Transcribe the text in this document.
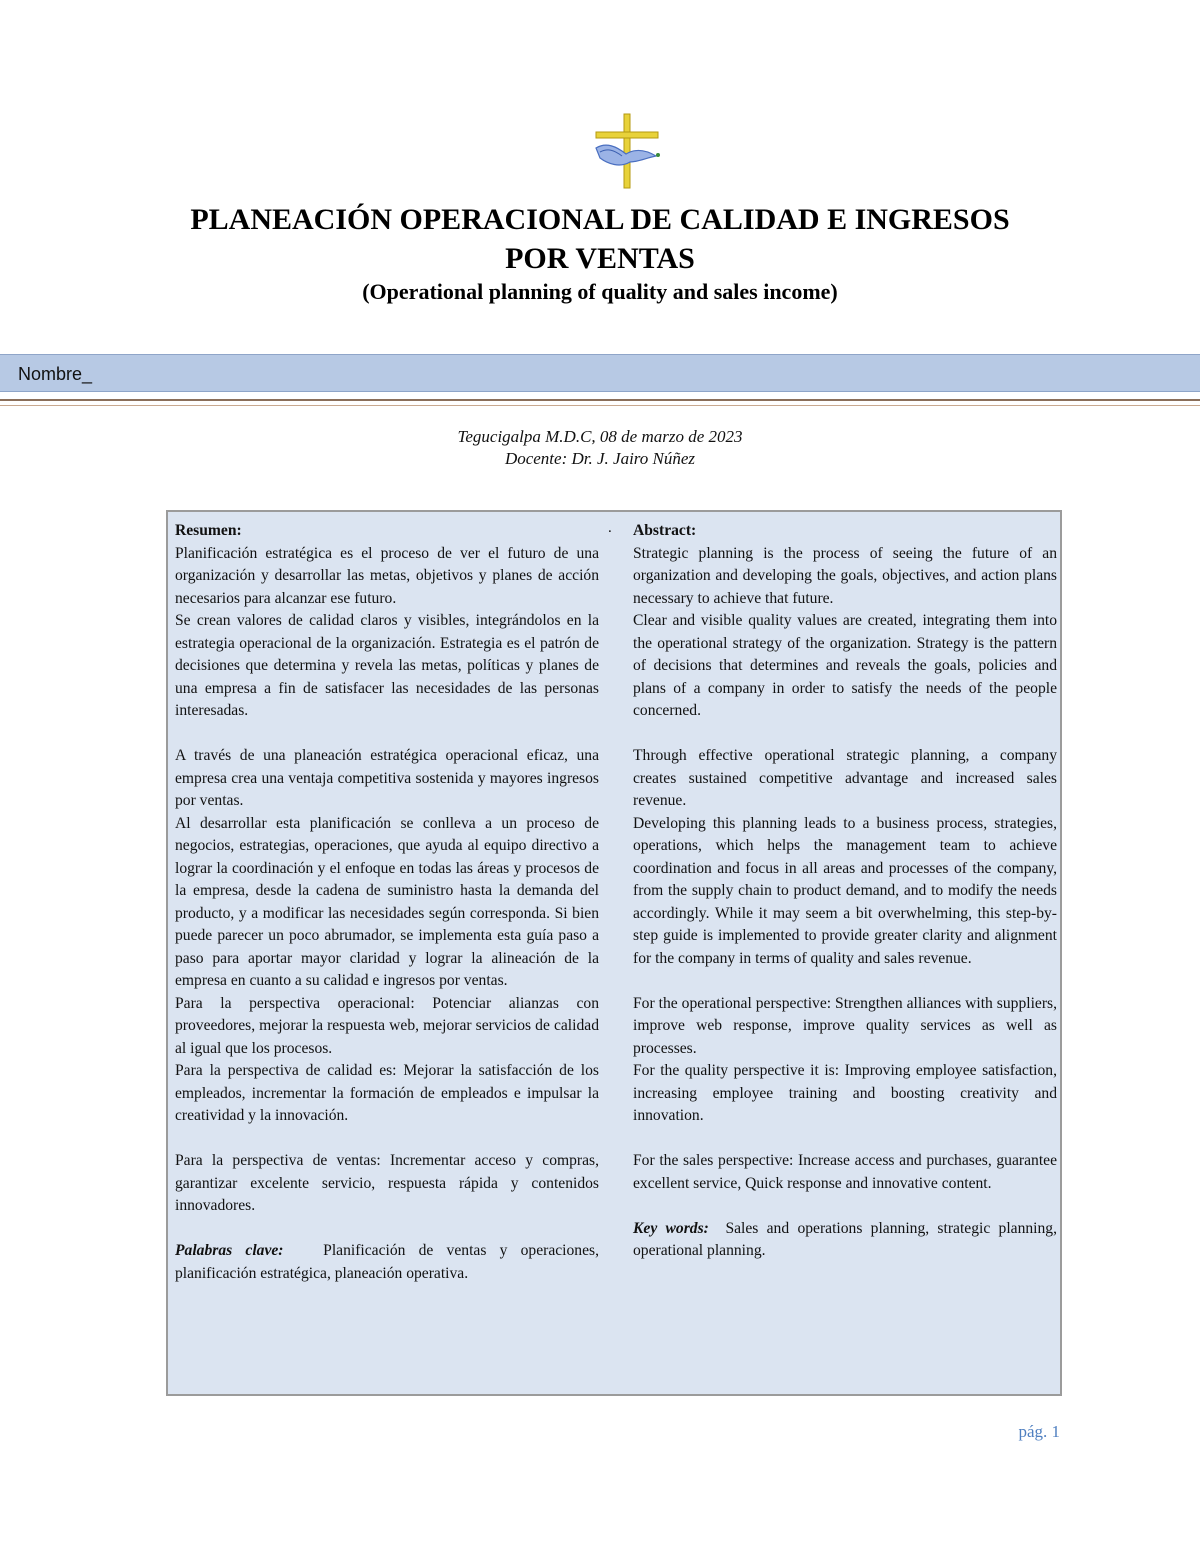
PLANEACIÓN OPERACIONAL DE CALIDAD E INGRESOS
POR VENTAS
(Operational planning of quality and sales income)
Nombre_
Tegucigalpa M.D.C, 08 de marzo de 2023
Docente: Dr. J. Jairo Núñez

Resumen:

Planificación estratégica es el proceso de ver el futuro de una organización y desarrollar las metas, objetivos y planes de acción necesarios para alcanzar ese futuro.

Se crean valores de calidad claros y visibles, integrándolos en la estrategia operacional de la organización. Estrategia es el patrón de decisiones que determina y revela las metas, políticas y planes de una empresa a fin de satisfacer las necesidades de las personas interesadas.

A través de una planeación estratégica operacional eficaz, una empresa crea una ventaja competitiva sostenida y mayores ingresos por ventas.

Al desarrollar esta planificación se conlleva a un proceso de negocios, estrategias, operaciones, que ayuda al equipo directivo a lograr la coordinación y el enfoque en todas las áreas y procesos de la empresa, desde la cadena de suministro hasta la demanda del producto, y a modificar las necesidades según corresponda. Si bien puede parecer un poco abrumador, se implementa esta guía paso a paso para aportar mayor claridad y lograr la alineación de la empresa en cuanto a su calidad e ingresos por ventas.

Para la perspectiva operacional: Potenciar alianzas con proveedores, mejorar la respuesta web, mejorar servicios de calidad al igual que los procesos.

Para la perspectiva de calidad es: Mejorar la satisfacción de los empleados, incrementar la formación de empleados e impulsar la creatividad y la innovación.

Para la perspectiva de ventas: Incrementar acceso y compras, garantizar excelente servicio, respuesta rápida y contenidos innovadores.

Palabras clave:	Planificación de ventas y operaciones, planificación estratégica, planeación operativa.

. Abstract:

Strategic planning is the process of seeing the future of an organization and developing the goals, objectives, and action plans necessary to achieve that future.

Clear and visible quality values are created, integrating them into the operational strategy of the organization. Strategy is the pattern of decisions that determines and reveals the goals, policies and plans of a company in order to satisfy the needs of the people concerned.

Through effective operational strategic planning, a company creates sustained competitive advantage and increased sales revenue.

Developing this planning leads to a business process, strategies, operations, which helps the management team to achieve coordination and focus in all areas and processes of the company, from the supply chain to product demand, and to modify the needs accordingly. While it may seem a bit overwhelming, this step-by-step guide is implemented to provide greater clarity and alignment for the company in terms of quality and sales revenue.

For the operational perspective: Strengthen alliances with suppliers, improve web response, improve quality services as well as processes.

For the quality perspective it is: Improving employee satisfaction, increasing employee training and boosting creativity and innovation.

For the sales perspective: Increase access and purchases, guarantee excellent service, Quick response and innovative content.

Key words: Sales and operations planning, strategic planning, operational planning.

pág. 1
